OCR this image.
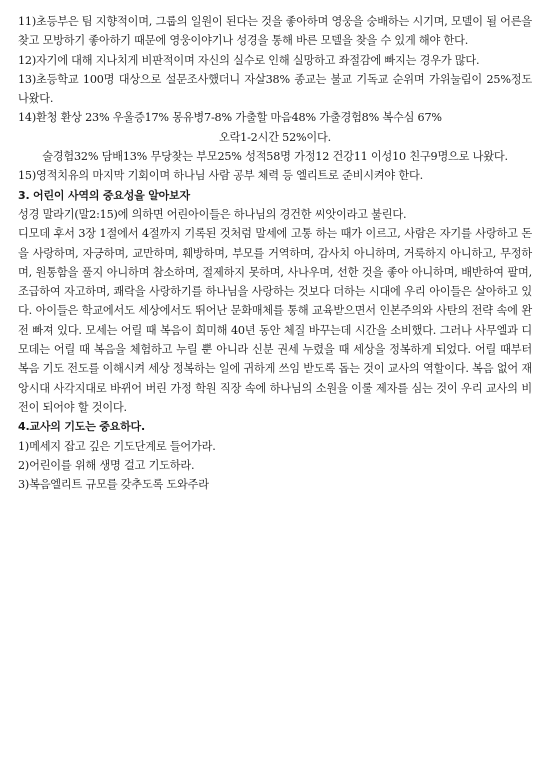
11)초등부은 팀 지향적이며, 그룹의 일원이 된다는 것을 좋아하며 영웅을 숭배하는 시기며, 모델이 될 어른을 찾고 모방하기 좋아하기 때문에 영웅이야기나 성경을 통해 바른 모델을 찾을 수 있게 해야 한다.

12)자기에 대해 지나치게 비판적이며 자신의 실수로 인해 실망하고 좌절감에 빠지는 경우가 많다.

13)초등학교 100명 대상으로 설문조사했더니 자살38% 종교는 불교 기독교 순위며 가위눌림이 25%정도 나왔다.

14)환청 환상 23% 우울증17% 몽유병7-8% 가출할 마음48% 가출경험8% 복수심 67%

오락1-2시간 52%이다.

술경험32% 담배13% 무당찾는 부모25% 성적58명 가정12 건강11 이성10 친구9명으로 나왔다.

15)영적치유의 마지막 기회이며 하나님 사람 공부 체력 등 엘리트로 준비시켜야 한다.

3. 어린이 사역의 중요성을 알아보자

성경 말라기(말2:15)에 의하면 어린아이들은 하나님의 경건한 씨앗이라고 불린다.

디모데 후서 3장 1절에서 4절까지 기록된 것처럼 말세에 고통 하는 때가 이르고, 사람은 자기를 사랑하고 돈을 사랑하며, 자긍하며, 교만하며, 훼방하며, 부모를 거역하며, 감사치 아니하며, 거룩하지 아니하고, 무정하며, 원통함을 풀지 아니하며 참소하며, 절제하지 못하며, 사나우며, 선한 것을 좋아 아니하며, 배반하여 팔며, 조급하여 자고하며, 쾌락을 사랑하기를 하나님을 사랑하는 것보다 더하는 시대에 우리 아이들은 살아하고 있다. 아이들은 학교에서도 세상에서도 뛰어난 문화매체를 통해 교육받으면서 인본주의와 사탄의 전략 속에 완전 빠져 있다. 모세는 어릴 때 복음이 희미해 40년 동안 체질 바꾸는데 시간을 소비했다. 그러나 사무엘과 디모데는 어릴 때 복음을 체험하고 누릴 뿐 아니라 신분 권세 누렸을 때 세상을 정복하게 되었다. 어릴 때부터 복음 기도 전도를 이해시켜 세상 정복하는 일에 귀하게 쓰임 받도록 돕는 것이 교사의 역할이다. 복음 없어 재앙시대 사각지대로 바뀌어 버린 가정 학원 직장 속에 하나님의 소원을 이룰 제자를 심는 것이 우리 교사의 비전이 되어야 할 것이다.

4.교사의 기도는 중요하다.

1)메세지 잡고 깊은 기도단계로 들어가라.

2)어린이를 위해 생명 걸고 기도하라.

3)복음엘리트 규모를 갖추도록 도와주라
